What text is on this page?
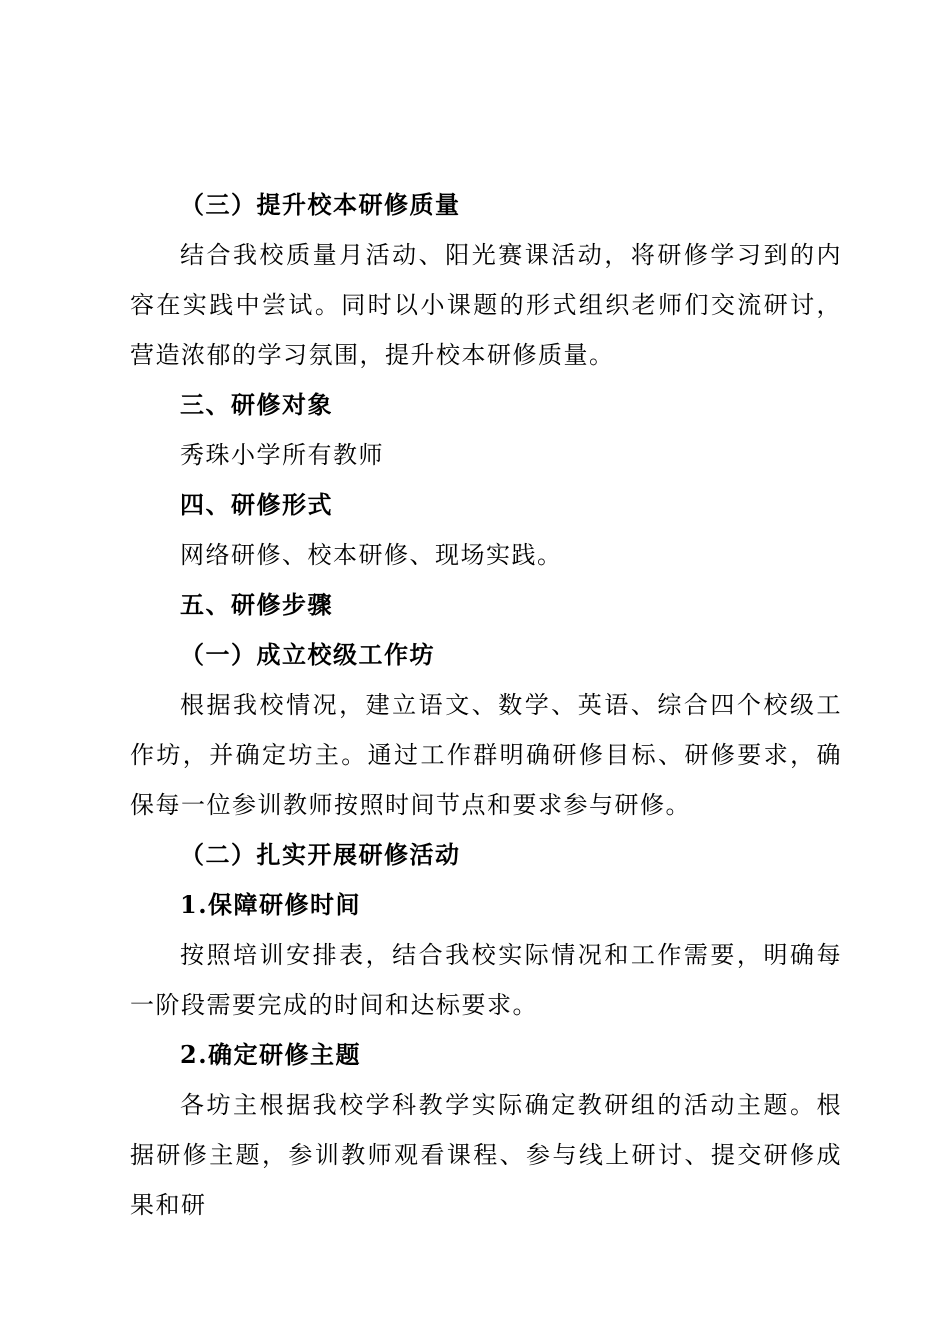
（三）提升校本研修质量

结合我校质量月活动、阳光赛课活动，将研修学习到的内容在实践中尝试。同时以小课题的形式组织老师们交流研讨，营造浓郁的学习氛围，提升校本研修质量。

三、研修对象
秀珠小学所有教师
四、研修形式
网络研修、校本研修、现场实践。
五、研修步骤
（一）成立校级工作坊

根据我校情况，建立语文、数学、英语、综合四个校级工作坊，并确定坊主。通过工作群明确研修目标、研修要求，确保每一位参训教师按照时间节点和要求参与研修。

（二）扎实开展研修活动
1.保障研修时间

按照培训安排表，结合我校实际情况和工作需要，明确每一阶段需要完成的时间和达标要求。

2.确定研修主题

各坊主根据我校学科教学实际确定教研组的活动主题。根据研修主题，参训教师观看课程、参与线上研讨、提交研修成果和研
